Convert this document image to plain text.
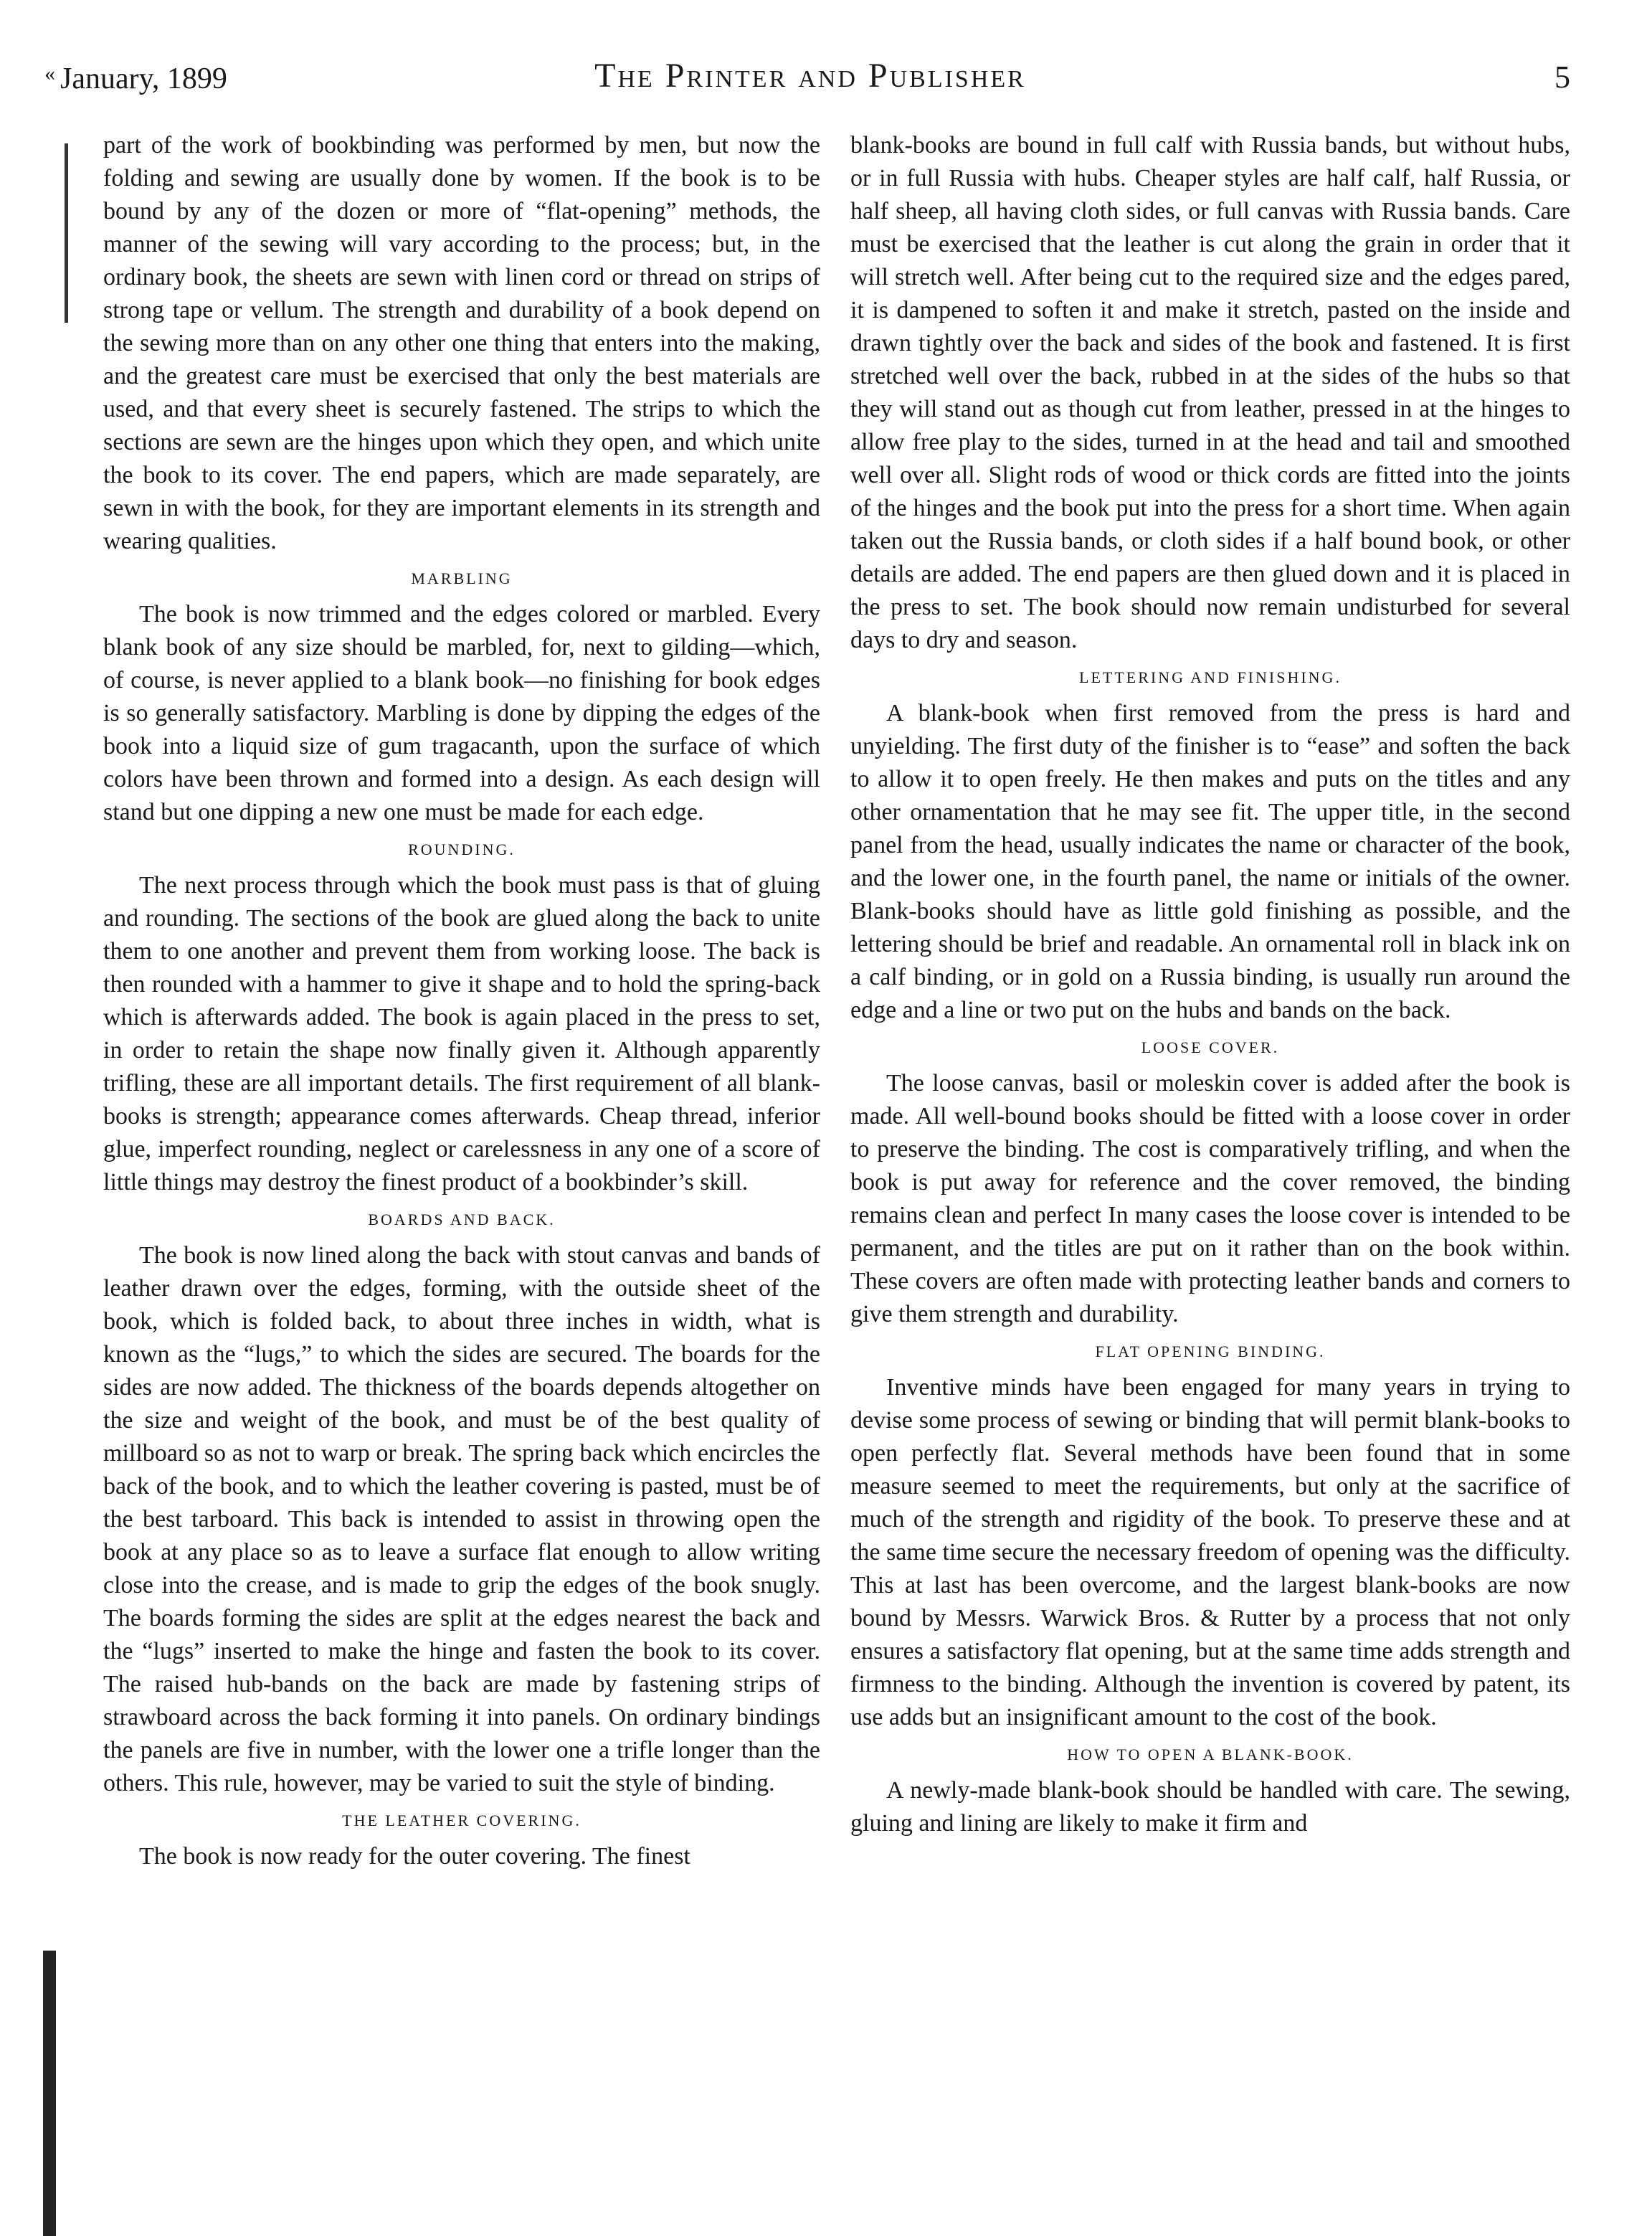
« January, 1899	The Printer and Publisher	5

part of the work of bookbinding was performed by men, but now the folding and sewing are usually done by women. If the book is to be bound by any of the dozen or more of “flat-opening” methods, the manner of the sewing will vary according to the process; but, in the ordinary book, the sheets are sewn with linen cord or thread on strips of strong tape or vellum. The strength and durability of a book depend on the sewing more than on any other one thing that enters into the making, and the greatest care must be exercised that only the best materials are used, and that every sheet is securely fastened. The strips to which the sections are sewn are the hinges upon which they open, and which unite the book to its cover. The end papers, which are made separately, are sewn in with the book, for they are important elements in its strength and wearing qualities.

MARBLING

The book is now trimmed and the edges colored or marbled. Every blank book of any size should be marbled, for, next to gilding—which, of course, is never applied to a blank book—no finishing for book edges is so generally satisfactory. Marbling is done by dipping the edges of the book into a liquid size of gum tragacanth, upon the surface of which colors have been thrown and formed into a design. As each design will stand but one dipping a new one must be made for each edge.

ROUNDING.

The next process through which the book must pass is that of gluing and rounding. The sections of the book are glued along the back to unite them to one another and prevent them from working loose. The back is then rounded with a hammer to give it shape and to hold the spring-back which is afterwards added. The book is again placed in the press to set, in order to retain the shape now finally given it. Although apparently trifling, these are all important details. The first requirement of all blank-books is strength; appearance comes afterwards. Cheap thread, inferior glue, imperfect rounding, neglect or carelessness in any one of a score of little things may destroy the finest product of a bookbinder’s skill.

BOARDS AND BACK.

The book is now lined along the back with stout canvas and bands of leather drawn over the edges, forming, with the outside sheet of the book, which is folded back, to about three inches in width, what is known as the “lugs,” to which the sides are secured. The boards for the sides are now added. The thickness of the boards depends altogether on the size and weight of the book, and must be of the best quality of millboard so as not to warp or break. The spring back which encircles the back of the book, and to which the leather covering is pasted, must be of the best tarboard. This back is intended to assist in throwing open the book at any place so as to leave a surface flat enough to allow writing close into the crease, and is made to grip the edges of the book snugly. The boards forming the sides are split at the edges nearest the back and the “lugs” inserted to make the hinge and fasten the book to its cover. The raised hub-bands on the back are made by fastening strips of strawboard across the back forming it into panels. On ordinary bindings the panels are five in number, with the lower one a trifle longer than the others. This rule, however, may be varied to suit the style of binding.

THE LEATHER COVERING.

The book is now ready for the outer covering. The finest

blank-books are bound in full calf with Russia bands, but without hubs, or in full Russia with hubs. Cheaper styles are half calf, half Russia, or half sheep, all having cloth sides, or full canvas with Russia bands. Care must be exercised that the leather is cut along the grain in order that it will stretch well. After being cut to the required size and the edges pared, it is dampened to soften it and make it stretch, pasted on the inside and drawn tightly over the back and sides of the book and fastened. It is first stretched well over the back, rubbed in at the sides of the hubs so that they will stand out as though cut from leather, pressed in at the hinges to allow free play to the sides, turned in at the head and tail and smoothed well over all. Slight rods of wood or thick cords are fitted into the joints of the hinges and the book put into the press for a short time. When again taken out the Russia bands, or cloth sides if a half bound book, or other details are added. The end papers are then glued down and it is placed in the press to set. The book should now remain undisturbed for several days to dry and season.

LETTERING AND FINISHING.

A blank-book when first removed from the press is hard and unyielding. The first duty of the finisher is to “ease” and soften the back to allow it to open freely. He then makes and puts on the titles and any other ornamentation that he may see fit. The upper title, in the second panel from the head, usually indicates the name or character of the book, and the lower one, in the fourth panel, the name or initials of the owner. Blank-books should have as little gold finishing as possible, and the lettering should be brief and readable. An ornamental roll in black ink on a calf binding, or in gold on a Russia binding, is usually run around the edge and a line or two put on the hubs and bands on the back.

LOOSE COVER.

The loose canvas, basil or moleskin cover is added after the book is made. All well-bound books should be fitted with a loose cover in order to preserve the binding. The cost is comparatively trifling, and when the book is put away for reference and the cover removed, the binding remains clean and perfect In many cases the loose cover is intended to be permanent, and the titles are put on it rather than on the book within. These covers are often made with protecting leather bands and corners to give them strength and durability.

FLAT OPENING BINDING.

Inventive minds have been engaged for many years in trying to devise some process of sewing or binding that will permit blank-books to open perfectly flat. Several methods have been found that in some measure seemed to meet the requirements, but only at the sacrifice of much of the strength and rigidity of the book. To preserve these and at the same time secure the necessary freedom of opening was the difficulty. This at last has been overcome, and the largest blank-books are now bound by Messrs. Warwick Bros. & Rutter by a process that not only ensures a satisfactory flat opening, but at the same time adds strength and firmness to the binding. Although the invention is covered by patent, its use adds but an insignificant amount to the cost of the book.

HOW TO OPEN A BLANK-BOOK.

A newly-made blank-book should be handled with care. The sewing, gluing and lining are likely to make it firm and
